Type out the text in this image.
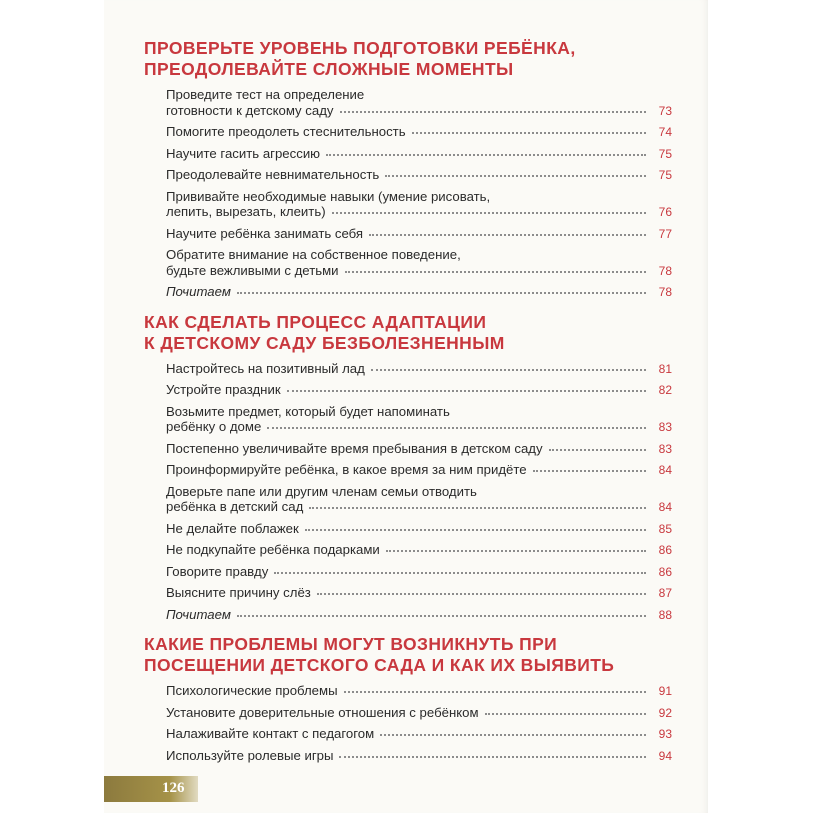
ПРОВЕРЬТЕ УРОВЕНЬ ПОДГОТОВКИ РЕБЁНКА,
ПРЕОДОЛЕВАЙТЕ СЛОЖНЫЕ МОМЕНТЫ
Проведите тест на определение
готовности к детскому саду	73
Помогите преодолеть стеснительность	74
Научите гасить агрессию	75
Преодолевайте невнимательность	75
Прививайте необходимые навыки (умение рисовать,
лепить, вырезать, клеить)	76
Научите ребёнка занимать себя	77
Обратите внимание на собственное поведение,
будьте вежливыми с детьми	78
Почитаем	78
КАК СДЕЛАТЬ ПРОЦЕСС АДАПТАЦИИ
К ДЕТСКОМУ САДУ БЕЗБОЛЕЗНЕННЫМ
Настройтесь на позитивный лад	81
Устройте праздник	82
Возьмите предмет, который будет напоминать
ребёнку о доме	83
Постепенно увеличивайте время пребывания в детском саду	83
Проинформируйте ребёнка, в какое время за ним придёте	84
Доверьте папе или другим членам семьи отводить
ребёнка в детский сад	84
Не делайте поблажек	85
Не подкупайте ребёнка подарками	86
Говорите правду	86
Выясните причину слёз	87
Почитаем	88
КАКИЕ ПРОБЛЕМЫ МОГУТ ВОЗНИКНУТЬ ПРИ
ПОСЕЩЕНИИ ДЕТСКОГО САДА И КАК ИХ ВЫЯВИТЬ
Психологические проблемы	91
Установите доверительные отношения с ребёнком	92
Налаживайте контакт с педагогом	93
Используйте ролевые игры	94
126
